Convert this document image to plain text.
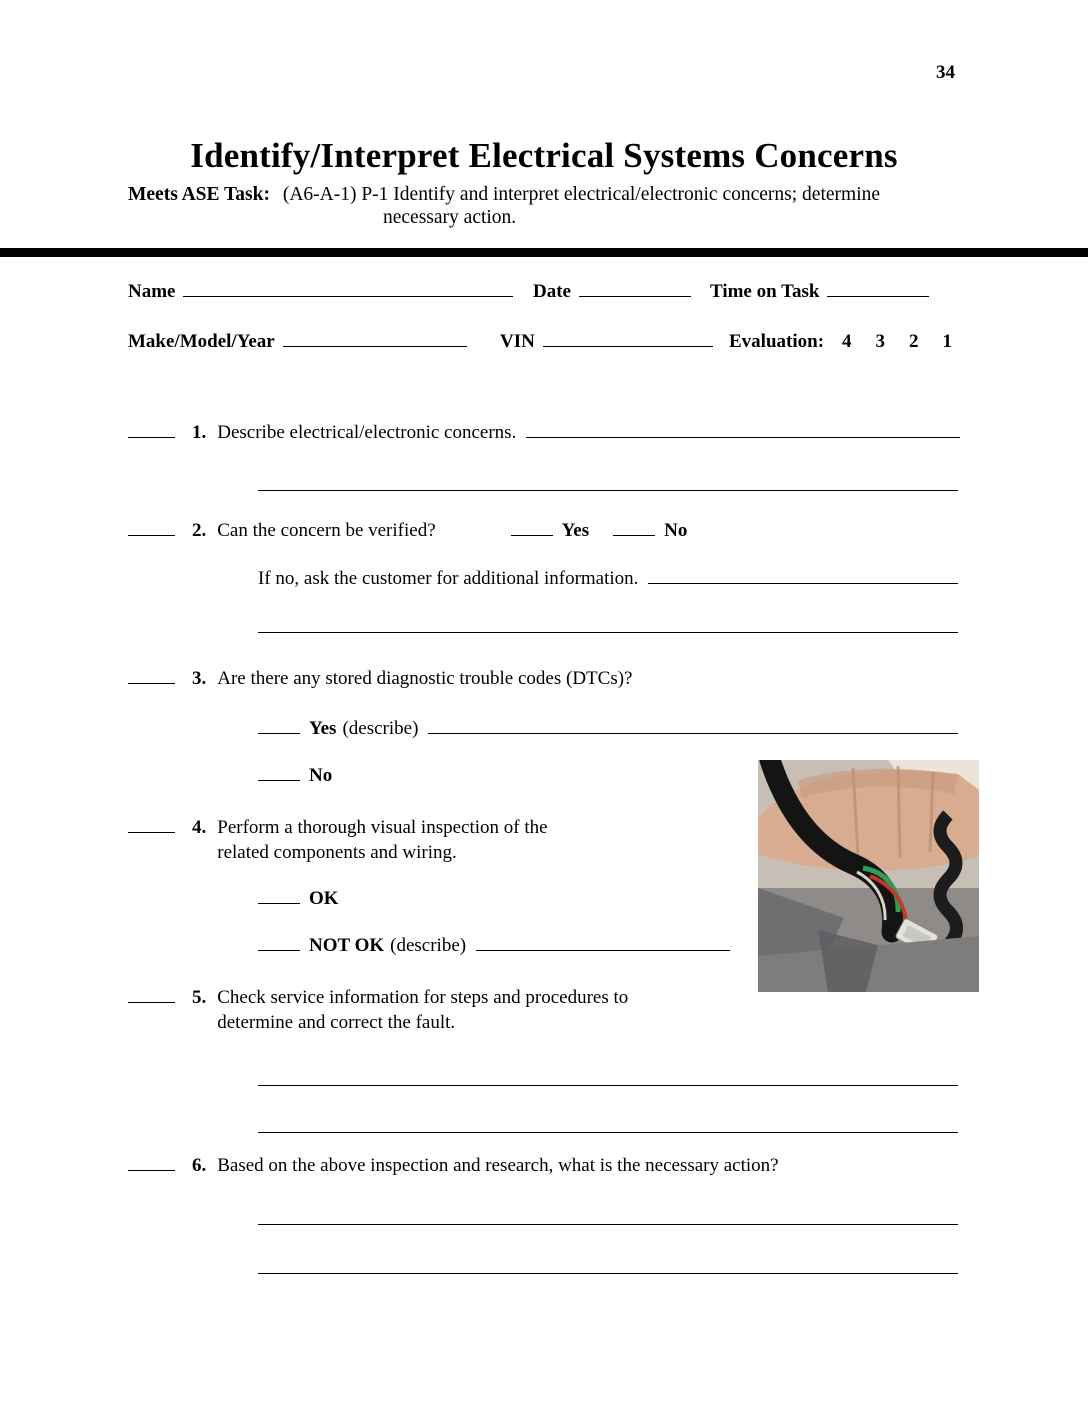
34
Identify/Interpret Electrical Systems Concerns
Meets ASE Task: (A6-A-1) P-1 Identify and interpret electrical/electronic concerns; determine
necessary action.
Name	Date	Time on Task
Make/Model/Year	VIN	Evaluation: 4 3 2 1
1. Describe electrical/electronic concerns.
2. Can the concern be verified?	Yes	No
If no, ask the customer for additional information.
3. Are there any stored diagnostic trouble codes (DTCs)?
Yes (describe)
No
4. Perform a thorough visual inspection of the
related components and wiring.
OK
NOT OK (describe)
5. Check service information for steps and procedures to
determine and correct the fault.
6. Based on the above inspection and research, what is the necessary action?
